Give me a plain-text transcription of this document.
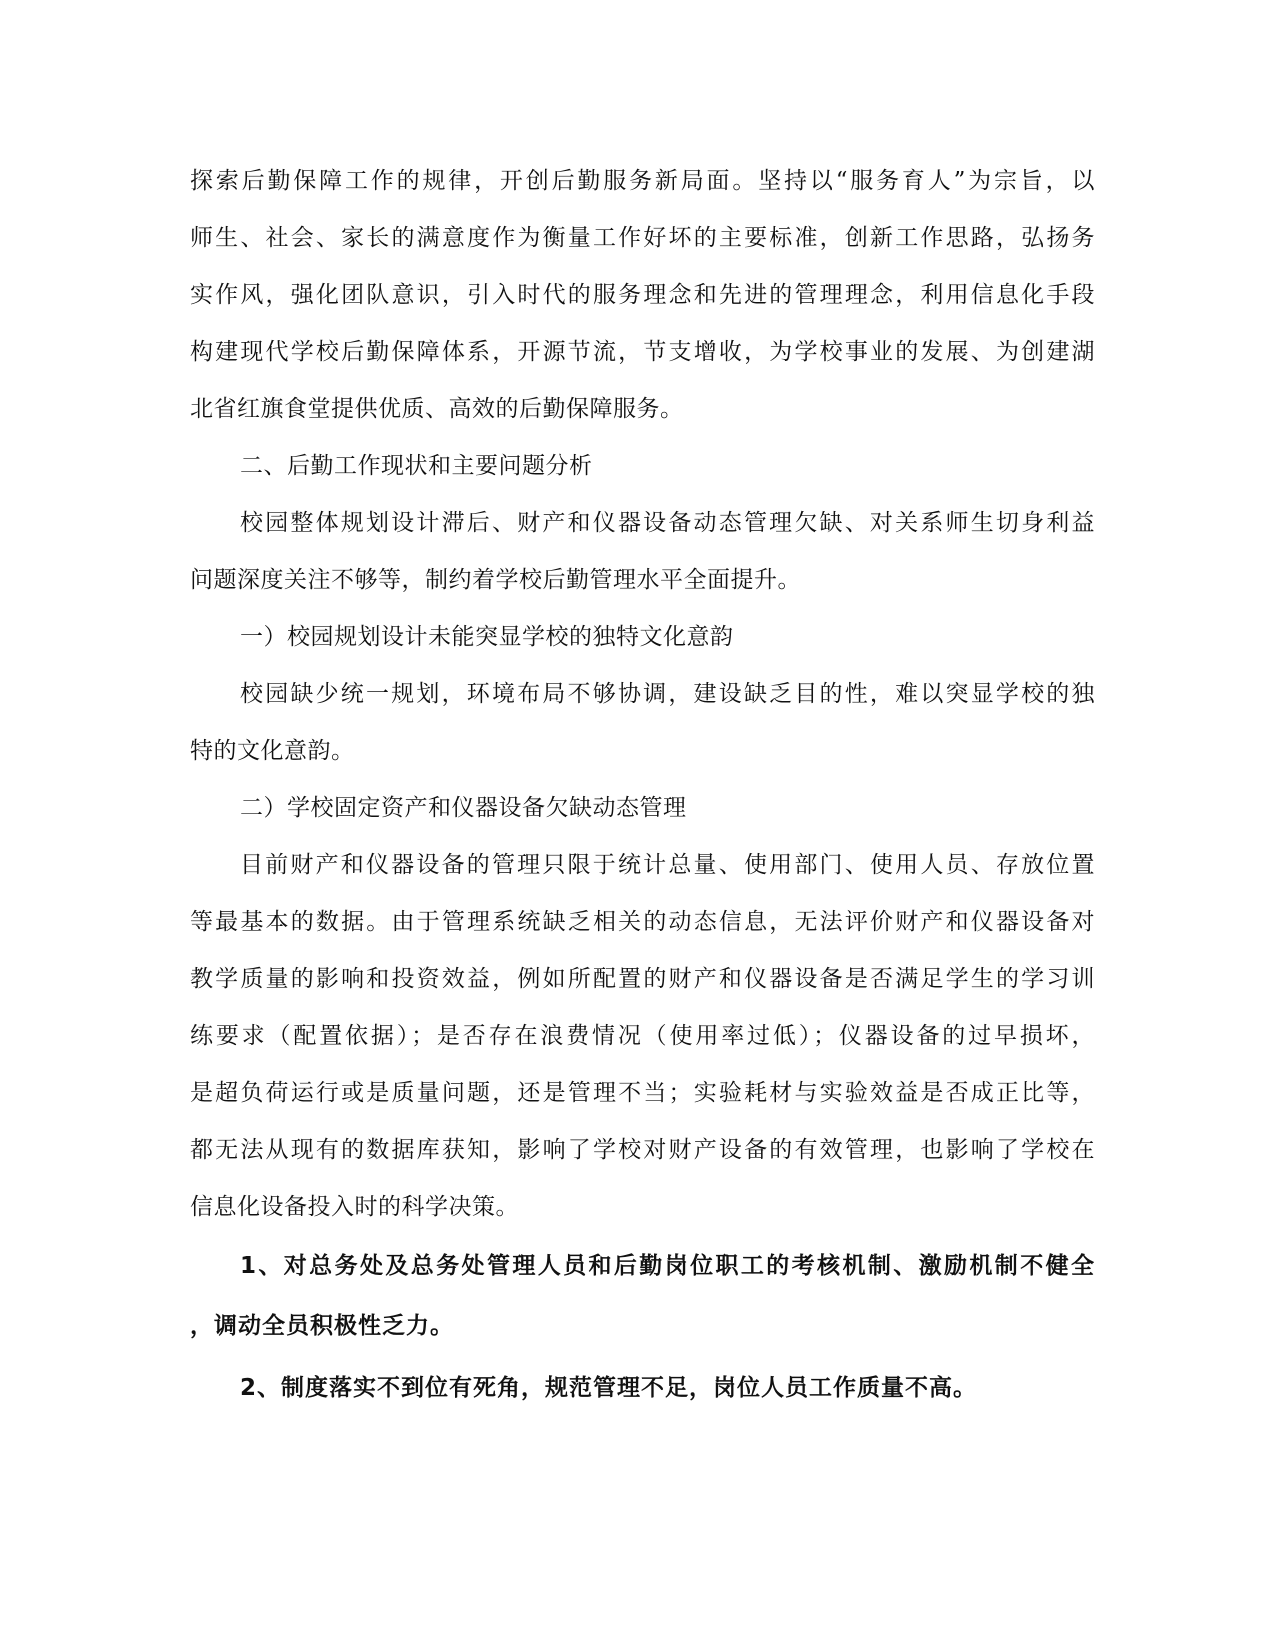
探索后勤保障工作的规律，开创后勤服务新局面。坚持以“服务育人”为宗旨，以
师生、社会、家长的满意度作为衡量工作好坏的主要标准，创新工作思路，弘扬务
实作风，强化团队意识，引入时代的服务理念和先进的管理理念，利用信息化手段
构建现代学校后勤保障体系，开源节流，节支增收，为学校事业的发展、为创建湖
北省红旗食堂提供优质、高效的后勤保障服务。
二、后勤工作现状和主要问题分析
校园整体规划设计滞后、财产和仪器设备动态管理欠缺、对关系师生切身利益
问题深度关注不够等，制约着学校后勤管理水平全面提升。
一）校园规划设计未能突显学校的独特文化意韵
校园缺少统一规划，环境布局不够协调，建设缺乏目的性，难以突显学校的独
特的文化意韵。
二）学校固定资产和仪器设备欠缺动态管理
目前财产和仪器设备的管理只限于统计总量、使用部门、使用人员、存放位置
等最基本的数据。由于管理系统缺乏相关的动态信息，无法评价财产和仪器设备对
教学质量的影响和投资效益，例如所配置的财产和仪器设备是否满足学生的学习训
练要求（配置依据）；是否存在浪费情况（使用率过低）；仪器设备的过早损坏，
是超负荷运行或是质量问题，还是管理不当；实验耗材与实验效益是否成正比等，
都无法从现有的数据库获知，影响了学校对财产设备的有效管理，也影响了学校在
信息化设备投入时的科学决策。
1、对总务处及总务处管理人员和后勤岗位职工的考核机制、激励机制不健全
，调动全员积极性乏力。
2、制度落实不到位有死角，规范管理不足，岗位人员工作质量不高。
